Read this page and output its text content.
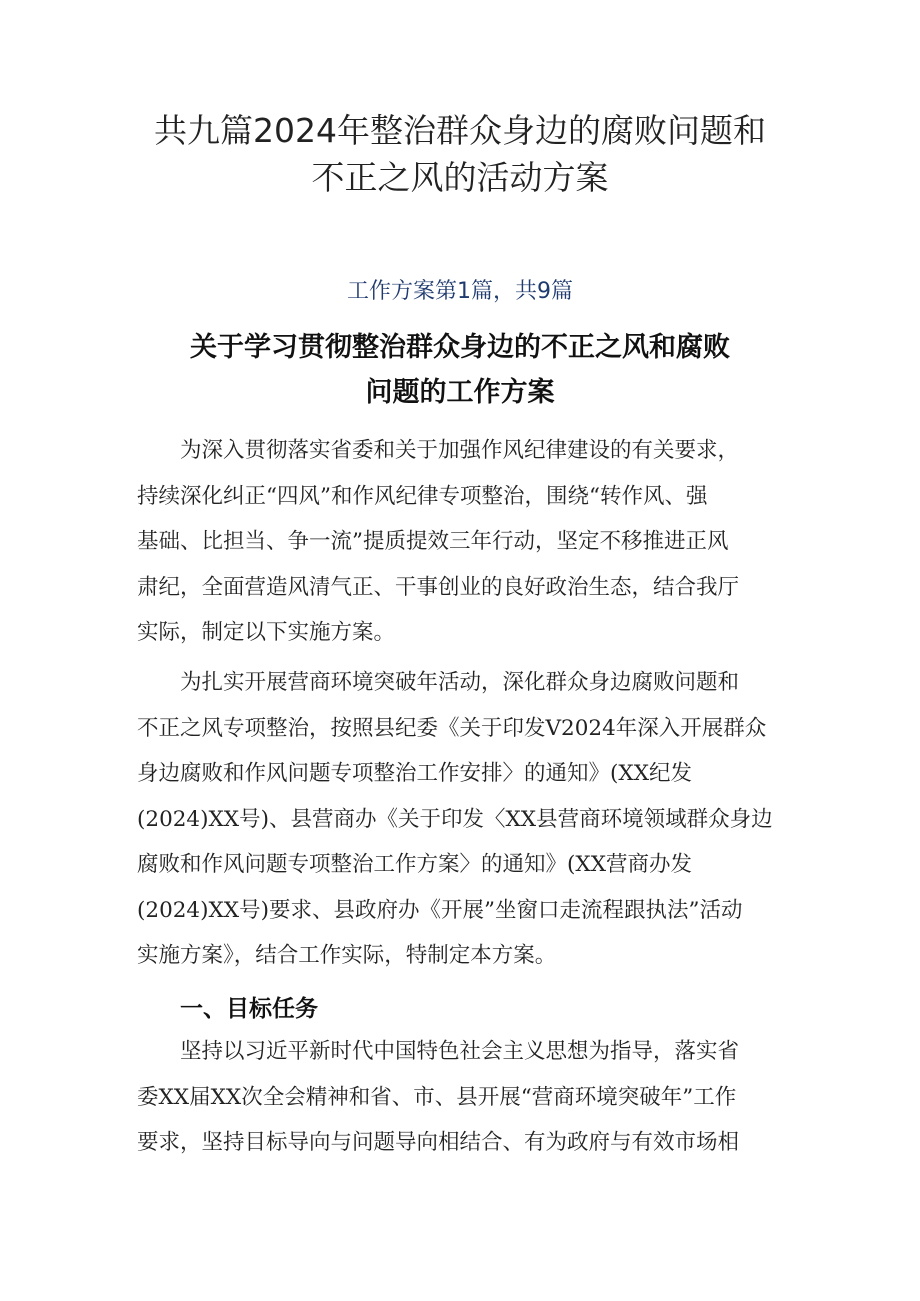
共九篇2024年整治群众身边的腐败问题和
不正之风的活动方案

工作方案第1篇，共9篇

关于学习贯彻整治群众身边的不正之风和腐败
问题的工作方案
为深入贯彻落实省委和关于加强作风纪律建设的有关要求，
持续深化纠正“四风”和作风纪律专项整治，围绕“转作风、强
基础、比担当、争一流”提质提效三年行动，坚定不移推进正风
肃纪，全面营造风清气正、干事创业的良好政治生态，结合我厅
实际，制定以下实施方案。
为扎实开展营商环境突破年活动，深化群众身边腐败问题和
不正之风专项整治，按照县纪委《关于印发V2024年深入开展群众
身边腐败和作风问题专项整治工作安排〉的通知》(XX纪发
(2024)XX号)、县营商办《关于印发〈XX县营商环境领域群众身边
腐败和作风问题专项整治工作方案〉的通知》(XX营商办发
(2024)XX号)要求、县政府办《开展”坐窗口走流程跟执法”活动
实施方案》，结合工作实际，特制定本方案。
一、目标任务
坚持以习近平新时代中国特色社会主义思想为指导，落实省
委XX届XX次全会精神和省、市、县开展“营商环境突破年”工作
要求，坚持目标导向与问题导向相结合、有为政府与有效市场相
